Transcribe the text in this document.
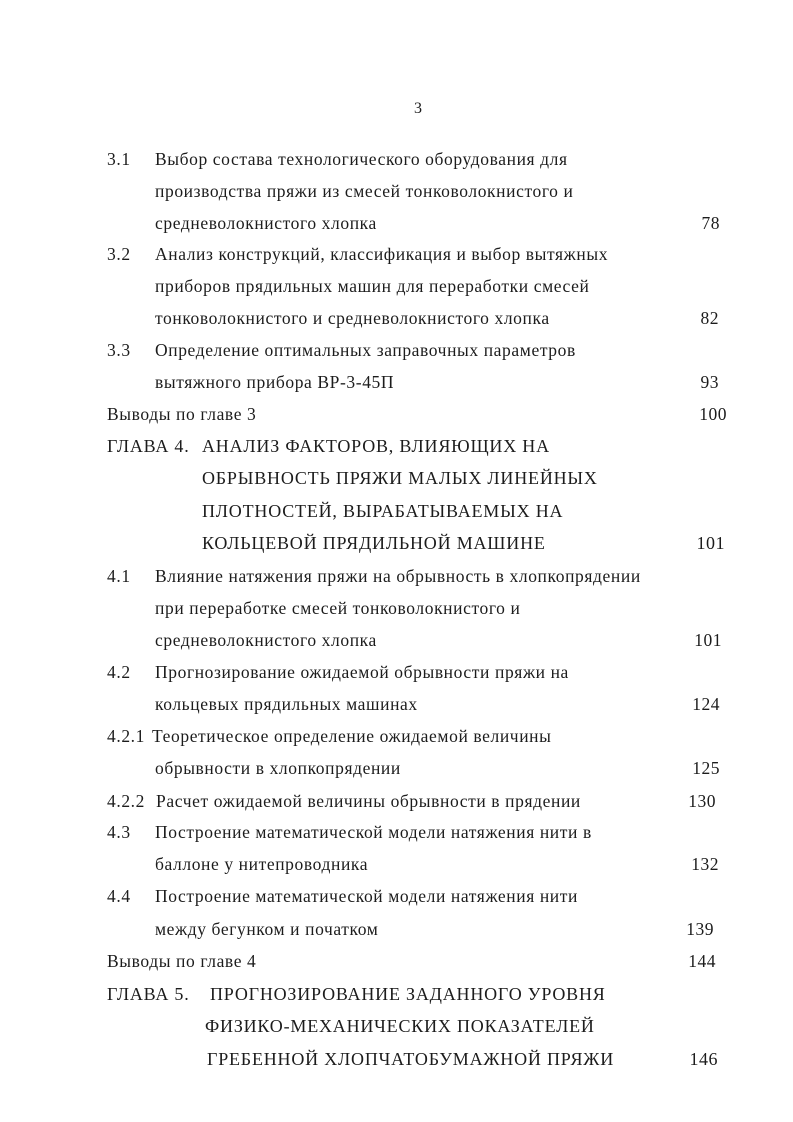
3
3.1 Выбор состава технологического оборудования для
производства пряжи из смесей тонковолокнистого и
средневолокнистого хлопка	78
3.2 Анализ конструкций, классификация и выбор вытяжных
приборов прядильных машин для переработки смесей
тонковолокнистого и средневолокнистого хлопка	82
3.3 Определение оптимальных заправочных параметров
вытяжного прибора ВР-3-45П	93
Выводы по главе 3	100
ГЛАВА 4. АНАЛИЗ ФАКТОРОВ, ВЛИЯЮЩИХ НА
ОБРЫВНОСТЬ ПРЯЖИ МАЛЫХ ЛИНЕЙНЫХ
ПЛОТНОСТЕЙ, ВЫРАБАТЫВАЕМЫХ НА
КОЛЬЦЕВОЙ ПРЯДИЛЬНОЙ МАШИНЕ	101
4.1 Влияние натяжения пряжи на обрывность в хлопкопрядении
при переработке смесей тонковолокнистого и
средневолокнистого хлопка	101
4.2 Прогнозирование ожидаемой обрывности пряжи на
кольцевых прядильных машинах	124
4.2.1 Теоретическое определение ожидаемой величины
обрывности в хлопкопрядении	125
4.2.2 Расчет ожидаемой величины обрывности в прядении	130
4.3 Построение математической модели натяжения нити в
баллоне у нитепроводника	132
4.4 Построение математической модели натяжения нити
между бегунком и початком	139
Выводы по главе 4	144
ГЛАВА 5. ПРОГНОЗИРОВАНИЕ ЗАДАННОГО УРОВНЯ
ФИЗИКО-МЕХАНИЧЕСКИХ ПОКАЗАТЕЛЕЙ
ГРЕБЕННОЙ ХЛОПЧАТОБУМАЖНОЙ ПРЯЖИ	146
